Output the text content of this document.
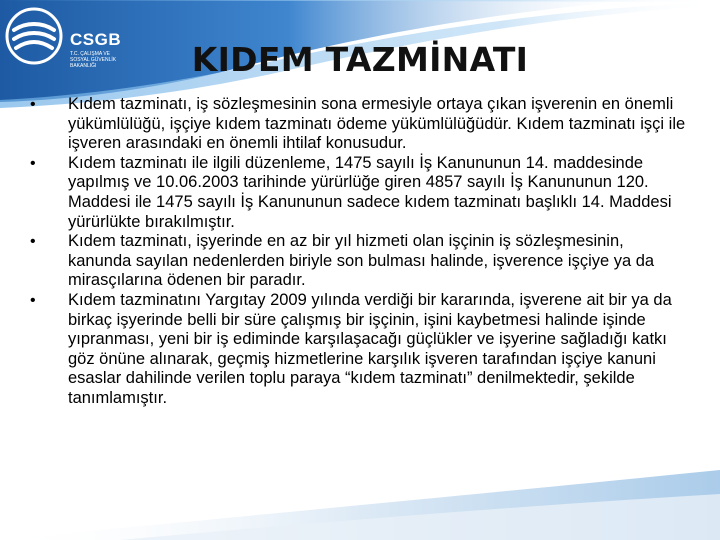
CSGB
T.C. ÇALIŞMA VE
SOSYAL GÜVENLİK
BAKANLIĞI	KIDEM TAZMİNATI
• Kıdem tazminatı, iş sözleşmesinin sona ermesiyle ortaya çıkan işverenin en önemli yükümlülüğü, işçiye kıdem tazminatı ödeme yükümlülüğüdür. Kıdem tazminatı işçi ile işveren arasındaki en önemli ihtilaf konusudur.
• Kıdem tazminatı ile ilgili düzenleme, 1475 sayılı İş Kanununun 14. maddesinde yapılmış ve 10.06.2003 tarihinde yürürlüğe giren 4857 sayılı İş Kanununun 120. Maddesi ile 1475 sayılı İş Kanununun sadece kıdem tazminatı başlıklı 14. Maddesi yürürlükte bırakılmıştır.
• Kıdem tazminatı, işyerinde en az bir yıl hizmeti olan işçinin iş sözleşmesinin, kanunda sayılan nedenlerden biriyle son bulması halinde, işverence işçiye ya da mirasçılarına ödenen bir paradır.
• Kıdem tazminatını Yargıtay 2009 yılında verdiği bir kararında, işverene ait bir ya da birkaç işyerinde belli bir süre çalışmış bir işçinin, işini kaybetmesi halinde işinde yıpranması, yeni bir iş ediminde karşılaşacağı güçlükler ve işyerine sağladığı katkı göz önüne alınarak, geçmiş hizmetlerine karşılık işveren tarafından işçiye kanuni esaslar dahilinde verilen toplu paraya “kıdem tazminatı” denilmektedir, şekilde tanımlamıştır.
